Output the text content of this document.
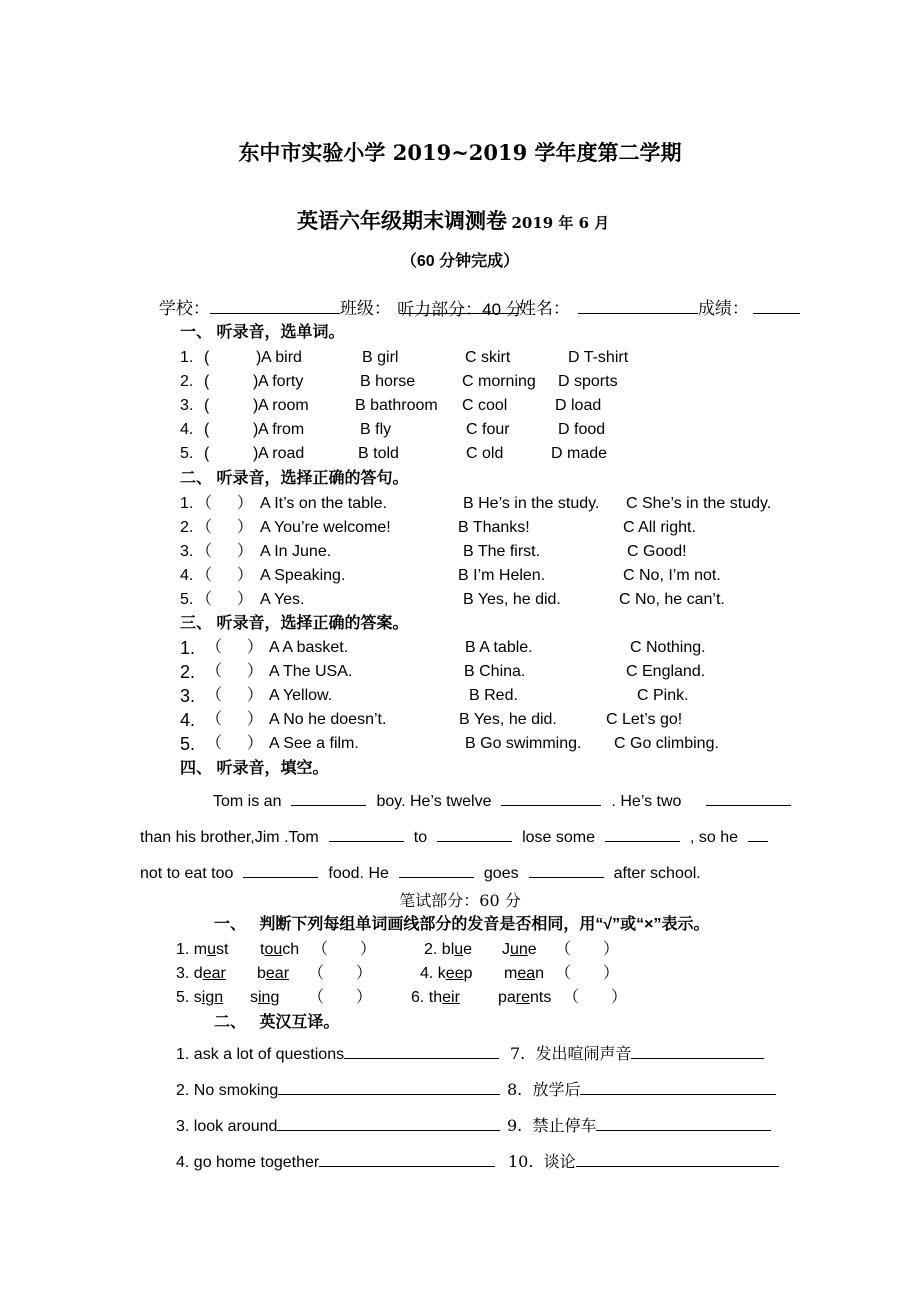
东中市实验小学 2019~2019 学年度第二学期
英语六年级期末调测卷 2019 年 6 月
（60 分钟完成）

学校：	班级：	姓名：	成绩：

听力部分：40 分
一、 听录音，选单词。
1. (	) A bird	B girl	C skirt	D T-shirt
2. (	) A forty	B horse	C morning D sports
3. (	) A room	B bathroom C cool	D load
4. (	) A from	B fly	C four	D food
5. (	) A road	B told	C old	D made
二、 听录音，选择正确的答句。
1. （　  ） A It’s on the table.	B He’s in the study. C She’s in the study.
2. （　  ） A You’re welcome!	B Thanks!	C All right.
3. （　  ） A In June.	B The first.	C Good!
4. （　  ） A Speaking.	B I’m Helen.	C No, I’m not.
5. （　  ） A Yes.	B Yes, he did.	C No, he can’t.
三、 听录音，选择正确的答案。
1. （　  ） A A basket.	B A table.	C Nothing.
2. （　  ） A The USA.	B China.	C England.
3. （　  ） A Yellow.	B Red.	C Pink.
4. （　  ） A No he doesn’t.	B Yes, he did.	C Let’s go!
5. （　  ） A See a film.	B Go swimming. C Go climbing.
四、 听录音，填空。
Tom is an	boy. He’s twelve	. He’s two
than his brother,Jim .Tom	to	lose some	, so he
not to eat too	food. He	goes	after school.
笔试部分：60 分
一、   判断下列每组单词画线部分的发音是否相同，用“√”或“×”表示。
1. must touch （　　）	2. blue June （　　）
3. dear bear （　　）	4. keep mean （　　）
5. sign sing （　　） 6. their parents （　　）
二、   英汉互译。
1. ask a lot of questions	7.  发出喧闹声音
2. No smoking	8.  放学后
3. look around	9.  禁止停车
4. go home together	10.  谈论
